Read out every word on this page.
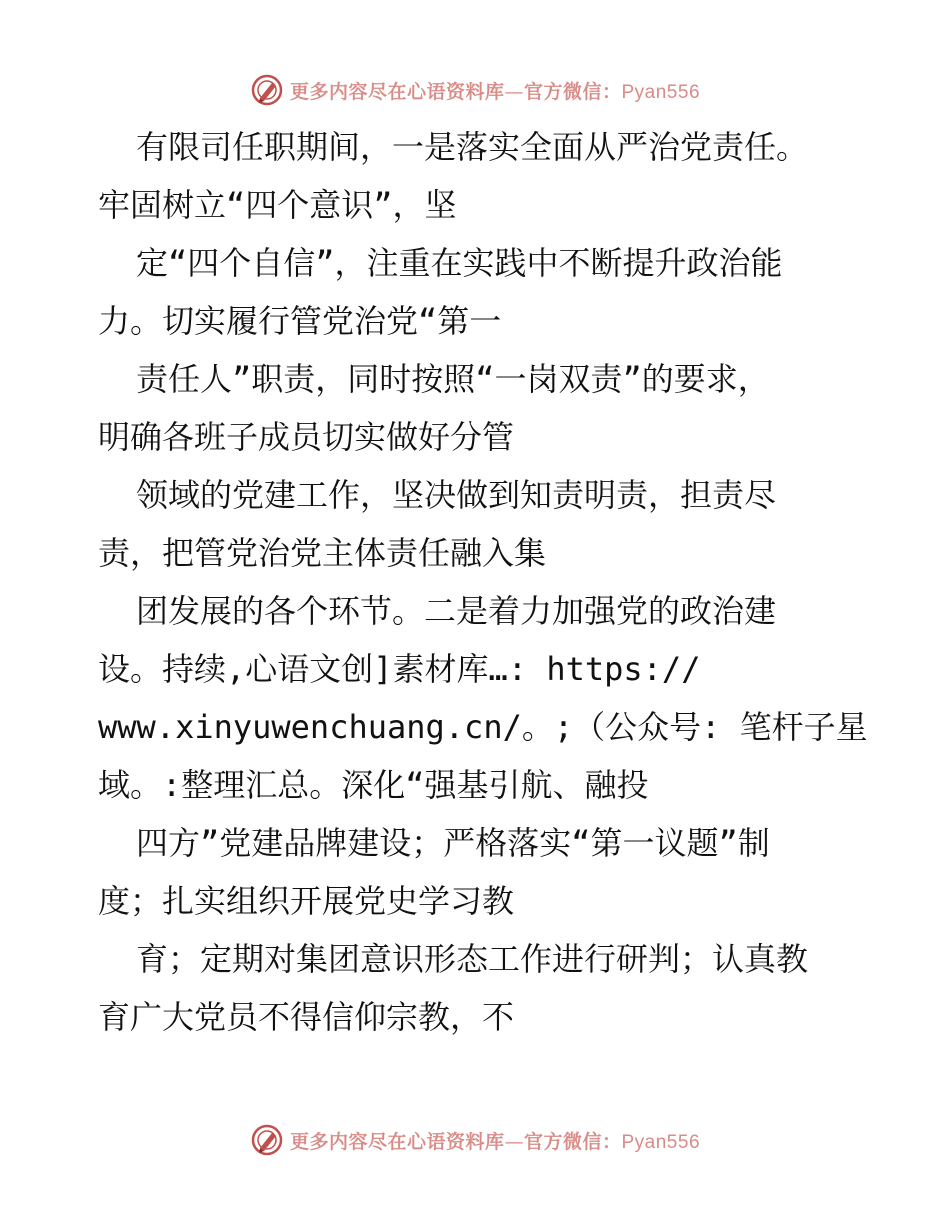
更多内容尽在心语资料库—官方微信：Pyan556
有限司任职期间，一是落实全面从严治党责任。
牢固树立“四个意识”，坚
定“四个自信”，注重在实践中不断提升政治能
力。切实履行管党治党“第一
责任人”职责，同时按照“一岗双责”的要求，
明确各班子成员切实做好分管
领域的党建工作，坚决做到知责明责，担责尽
责，把管党治党主体责任融入集
团发展的各个环节。二是着力加强党的政治建
设。持续,心语文创]素材库…: https://
www.xinyuwenchuang.cn/。;（公众号: 笔杆子星
域。:整理汇总。深化“强基引航、融投
四方”党建品牌建设；严格落实“第一议题”制
度；扎实组织开展党史学习教
育；定期对集团意识形态工作进行研判；认真教
育广大党员不得信仰宗教，不
更多内容尽在心语资料库—官方微信：Pyan556
